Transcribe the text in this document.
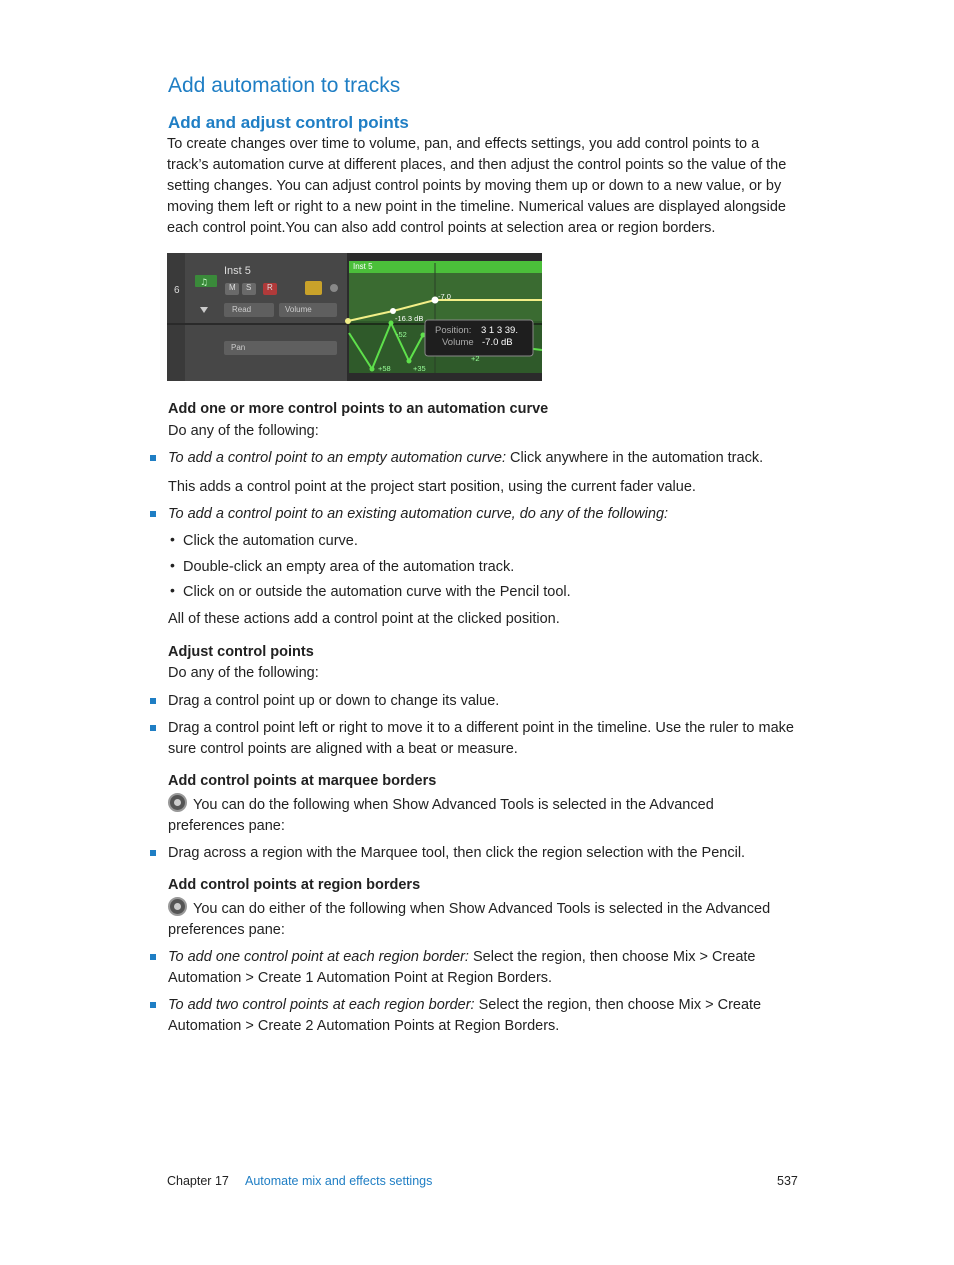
Add automation to tracks
Add and adjust control points

To create changes over time to volume, pan, and effects settings, you add control points to a track’s automation curve at different places, and then adjust the control points so the value of the setting changes. You can adjust control points by moving them up or down to a new value, or by moving them left or right to a new point in the timeline. Numerical values are displayed alongside each control point.You can also add control points at selection area or region borders.

♫
6
Inst 5
M S R
Read	Volume
Pan
Inst 5
-7.0
-16.3 dB
-52
+58	+35
+2
Position: 3 1 3 39.
Volume -7.0 dB
Add one or more control points to an automation curve
Do any of the following:
To add a control point to an empty automation curve: Click anywhere in the automation track.
This adds a control point at the project start position, using the current fader value.
To add a control point to an existing automation curve, do any of the following:
• Click the automation curve.
• Double-click an empty area of the automation track.
• Click on or outside the automation curve with the Pencil tool.
All of these actions add a control point at the clicked position.
Adjust control points
Do any of the following:
Drag a control point up or down to change its value.
Drag a control point left or right to move it to a different point in the timeline. Use the ruler to make sure control points are aligned with a beat or measure.
Add control points at marquee borders
You can do the following when Show Advanced Tools is selected in the Advanced preferences pane:
Drag across a region with the Marquee tool, then click the region selection with the Pencil.
Add control points at region borders
You can do either of the following when Show Advanced Tools is selected in the Advanced preferences pane:
To add one control point at each region border: Select the region, then choose Mix > Create Automation > Create 1 Automation Point at Region Borders.
To add two control points at each region border: Select the region, then choose Mix > Create Automation > Create 2 Automation Points at Region Borders.
Chapter 17 Automate mix and effects settings	537
